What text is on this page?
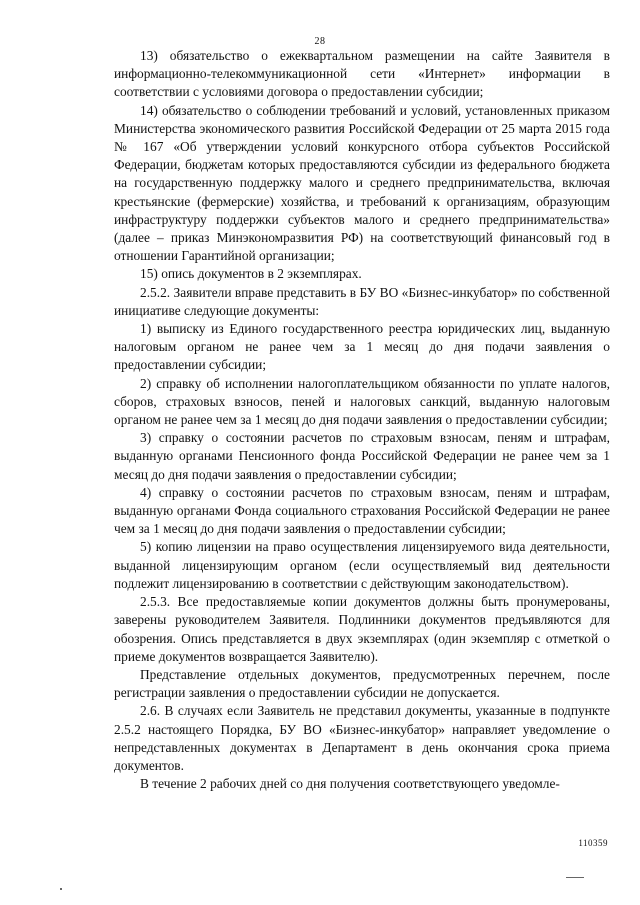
28

13) обязательство о ежеквартальном размещении на сайте Заявителя в информационно-телекоммуникационной сети «Интернет» информации в соответствии с условиями договора о предоставлении субсидии;

14) обязательство о соблюдении требований и условий, установленных приказом Министерства экономического развития Российской Федерации от 25 марта 2015 года № 167 «Об утверждении условий конкурсного отбора субъектов Российской Федерации, бюджетам которых предоставляются субсидии из федерального бюджета на государственную поддержку малого и среднего предпринимательства, включая крестьянские (фермерские) хозяйства, и требований к организациям, образующим инфраструктуру поддержки субъектов малого и среднего предпринимательства» (далее – приказ Минэкономразвития РФ) на соответствующий финансовый год в отношении Гарантийной организации;

15) опись документов в 2 экземплярах.

2.5.2. Заявители вправе представить в БУ ВО «Бизнес-инкубатор» по собственной инициативе следующие документы:

1) выписку из Единого государственного реестра юридических лиц, выданную налоговым органом не ранее чем за 1 месяц до дня подачи заявления о предоставлении субсидии;

2) справку об исполнении налогоплательщиком обязанности по уплате налогов, сборов, страховых взносов, пеней и налоговых санкций, выданную налоговым органом не ранее чем за 1 месяц до дня подачи заявления о предоставлении субсидии;

3) справку о состоянии расчетов по страховым взносам, пеням и штрафам, выданную органами Пенсионного фонда Российской Федерации не ранее чем за 1 месяц до дня подачи заявления о предоставлении субсидии;

4) справку о состоянии расчетов по страховым взносам, пеням и штрафам, выданную органами Фонда социального страхования Российской Федерации не ранее чем за 1 месяц до дня подачи заявления о предоставлении субсидии;

5) копию лицензии на право осуществления лицензируемого вида деятельности, выданной лицензирующим органом (если осуществляемый вид деятельности подлежит лицензированию в соответствии с действующим законодательством).

2.5.3. Все предоставляемые копии документов должны быть пронумерованы, заверены руководителем Заявителя. Подлинники документов предъявляются для обозрения. Опись представляется в двух экземплярах (один экземпляр с отметкой о приеме документов возвращается Заявителю).

Представление отдельных документов, предусмотренных перечнем, после регистрации заявления о предоставлении субсидии не допускается.

2.6. В случаях если Заявитель не представил документы, указанные в подпункте 2.5.2 настоящего Порядка, БУ ВО «Бизнес-инкубатор» направляет уведомление о непредставленных документах в Департамент в день окончания срока приема документов.

В течение 2 рабочих дней со дня получения соответствующего уведомле-

110359
